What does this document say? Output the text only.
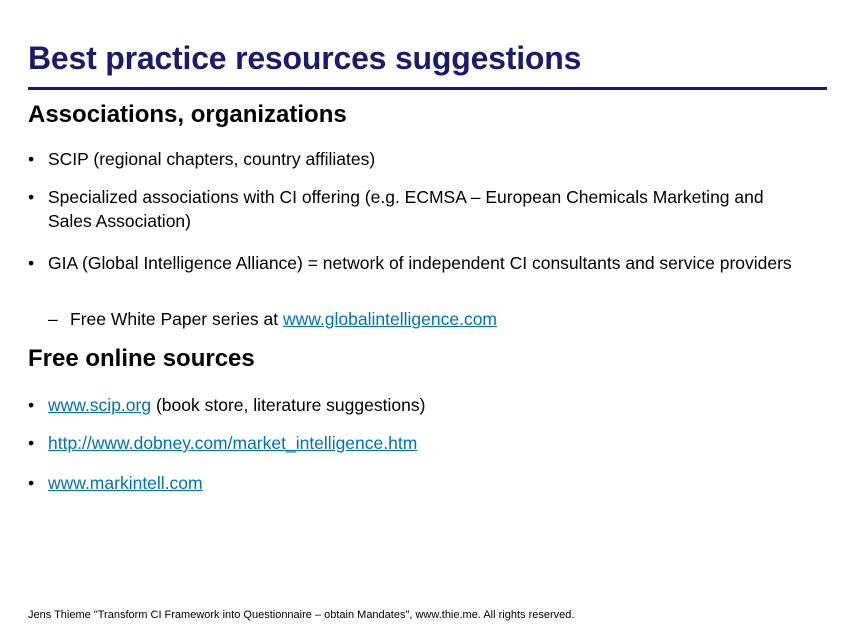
Best practice resources suggestions
Associations, organizations
• SCIP (regional chapters, country affiliates)
• Specialized associations with CI offering (e.g. ECMSA – European Chemicals Marketing and Sales Association)
• GIA (Global Intelligence Alliance) = network of independent CI consultants and service providers
– Free White Paper series at www.globalintelligence.com
Free online sources
• www.scip.org (book store, literature suggestions)
• http://www.dobney.com/market_intelligence.htm
• www.markintell.com
Jens Thieme "Transform CI Framework into Questionnaire – obtain Mandates", www.thie.me. All rights reserved.
